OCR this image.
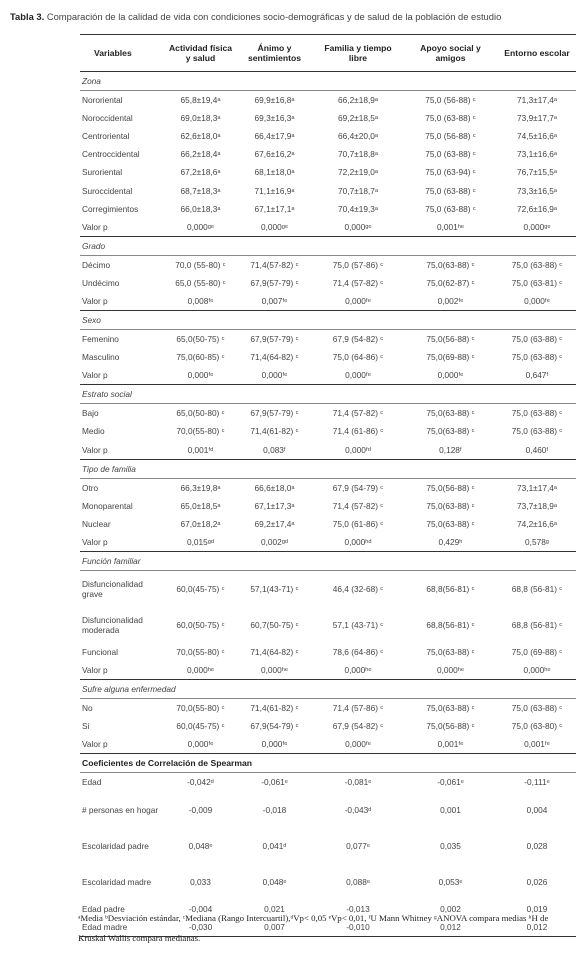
Tabla 3. Comparación de la calidad de vida con condiciones socio-demográficas y de salud de la población de estudio
Variables	Actividad física y salud	Ánimo y sentimientos	Familia y tiempo libre	Apoyo social y amigos	Entorno escolar
Zona					
Nororiental	65,8±19,4ᵃ	69,9±16,8ᵃ	66,2±18,9ᵃ	75,0 (56-88) ᶜ	71,3±17,4ᵃ
Noroccidental	69,0±18,3ᵃ	69,3±16,3ᵃ	69,2±18,5ᵃ	75,0 (63-88) ᶜ	73,9±17,7ᵃ
Centroriental	62,6±18,0ᵃ	66,4±17,9ᵃ	66,4±20,0ᵃ	75,0 (56-88) ᶜ	74,5±16,6ᵃ
Centroccidental	66,2±18,4ᵃ	67,6±16,2ᵃ	70,7±18,8ᵃ	75,0 (63-88) ᶜ	73,1±16,6ᵃ
Suroriental	67,2±18,6ᵃ	68,1±18,0ᵃ	72,2±19,0ᵃ	75,0 (63-94) ᶜ	76,7±15,5ᵃ
Suroccidental	68,7±18,3ᵃ	71,1±16,9ᵃ	70,7±18,7ᵃ	75,0 (63-88) ᶜ	73,3±16,5ᵃ
Corregimientos	66,0±18,3ᵃ	67,1±17,1ᵃ	70,4±19,3ᵃ	75,0 (63-88) ᶜ	72,6±16,9ᵃ
Valor p	0,000ᵍᵉ	0,000ᵍᵉ	0,000ᵍᵉ	0,001ʰᵉ	0,000ᵍᵉ
Grado					
Décimo	70,0 (55-80) ᶜ	71,4(57-82) ᶜ	75,0 (57-86) ᶜ	75,0(63-88) ᶜ	75,0 (63-88) ᶜ
Undécimo	65,0 (55-80) ᶜ	67,9(57-79) ᶜ	71,4 (57-82) ᶜ	75,0(62-87) ᶜ	75,0 (63-81) ᶜ
Valor p	0,008ᶠᵉ	0,007ᶠᵉ	0,000ᶠᵉ	0,002ᶠᵉ	0,000ᶠᵉ
Sexo					
Femenino	65,0(50-75) ᶜ	67,9(57-79) ᶜ	67,9 (54-82) ᶜ	75,0(56-88) ᶜ	75,0 (63-88) ᶜ
Masculino	75,0(60-85) ᶜ	71,4(64-82) ᶜ	75,0 (64-86) ᶜ	75,0(69-88) ᶜ	75,0 (63-88) ᶜ
Valor p	0,000ᶠᵉ	0,000ᶠᵉ	0,000ᶠᵉ	0,000ᶠᵉ	0,647ᶠ
Estrato social					
Bajo	65,0(50-80) ᶜ	67,9(57-79) ᶜ	71,4 (57-82) ᶜ	75,0(63-88) ᶜ	75,0 (63-88) ᶜ
Medio	70,0(55-80) ᶜ	71,4(61-82) ᶜ	71,4 (61-86) ᶜ	75,0(63-88) ᶜ	75,0 (63-88) ᶜ
Valor p	0,001ᶠᵈ	0,083ᶠ	0,000ᶠᵈ	0,128ᶠ	0,460ᶠ
Tipo de familia					
Otro	66,3±19,8ᵃ	66,6±18,0ᵃ	67,9 (54-79) ᶜ	75,0(56-88) ᶜ	73,1±17,4ᵃ
Monoparental	65,0±18,5ᵃ	67,1±17,3ᵃ	71,4 (57-82) ᶜ	75,0(63-88) ᶜ	73,7±18,9ᵃ
Nuclear	67,0±18,2ᵃ	69,2±17,4ᵃ	75,0 (61-86) ᶜ	75,0(63-88) ᶜ	74,2±16,6ᵃ
Valor p	0,015ᵍᵈ	0,002ᵍᵈ	0,000ʰᵈ	0,429ʰ	0,578ᵍ
Función familiar					
Disfuncionalidad grave	60,0(45-75) ᶜ	57,1(43-71) ᶜ	46,4 (32-68) ᶜ	68,8(56-81) ᶜ	68,8 (56-81) ᶜ
Disfuncionalidad moderada	60,0(50-75) ᶜ	60,7(50-75) ᶜ	57,1 (43-71) ᶜ	68,8(56-81) ᶜ	68,8 (56-81) ᶜ
Funcional	70,0(55-80) ᶜ	71,4(64-82) ᶜ	78,6 (64-86) ᶜ	75,0(63-88) ᶜ	75,0 (69-88) ᶜ
Valor p	0,000ʰᵉ	0,000ʰᵉ	0,000ʰᵉ	0,000ʰᵉ	0,000ʰᵉ
Sufre alguna enfermedad					
No	70,0(55-80) ᶜ	71,4(61-82) ᶜ	71,4 (57-86) ᶜ	75,0(63-88) ᶜ	75,0 (63-88) ᶜ
Si	60,0(45-75) ᶜ	67,9(54-79) ᶜ	67,9 (54-82) ᶜ	75,0(56-88) ᶜ	75,0 (63-80) ᶜ
Valor p	0,000ᶠᵉ	0,000ᶠᵉ	0,000ᶠᵉ	0,001ᶠᵉ	0,001ᶠᵉ
Coeficientes de Correlación de Spearman					
Edad	-0,042ᵈ	-0,061ᵉ	-0,081ᵉ	-0,061ᵉ	-0,111ᵉ
# personas en hogar	-0,009	-0,018	-0,043ᵈ	0,001	0,004
Escolaridad padre	0,048ᵉ	0,041ᵈ	0,077ᵉ	0,035	0,028
Escolaridad madre	0,033	0,048ᵉ	0,088ᵉ	0,053ᵉ	0,026
Edad padre	-0,004	0,021	-0,013	0,002	0,019
Edad madre	-0,030	0,007	-0,010	0,012	0,012
ᵃMedia ᵇDesviación estándar, ᶜMediana (Rango Intercuartil),ᵈVp< 0,05 ᵉVp< 0,01, ᶠU Mann Whitney ᵍANOVA compara medias ʰH de Kruskal Wallis compara medianas.
